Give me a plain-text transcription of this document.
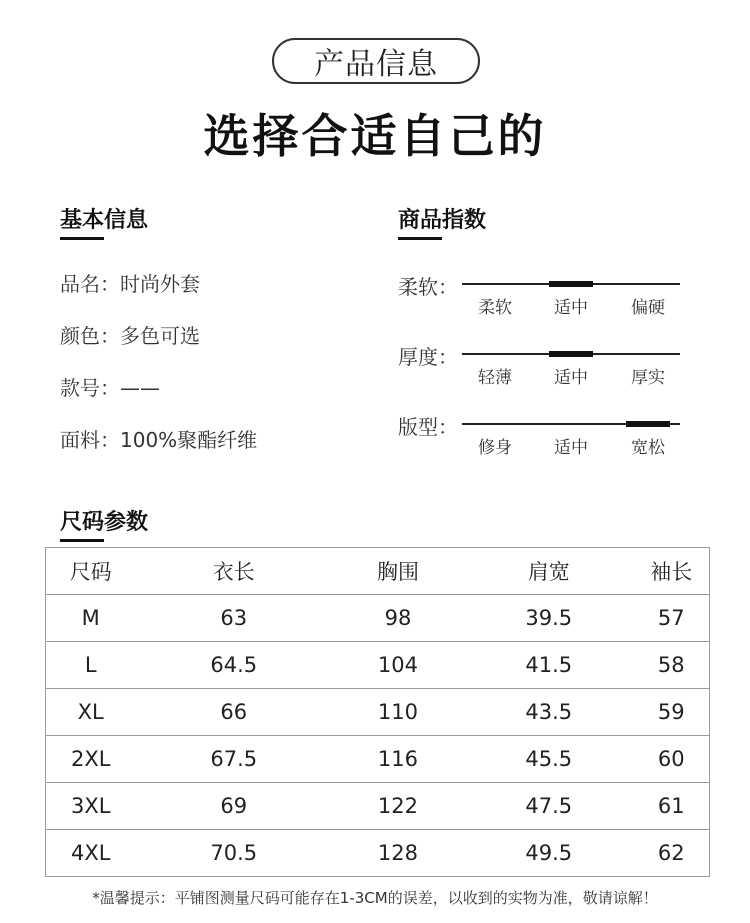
产品信息
选择合适自己的
基本信息
品名：时尚外套
颜色：多色可选
款号：——
面料：100%聚酯纤维
商品指数
柔软：
柔软	适中	偏硬
厚度：
轻薄	适中	厚实
版型：
修身	适中	宽松
尺码参数
尺码	衣长	胸围	肩宽	袖长
M	63	98	39.5	57
L	64.5	104	41.5	58
XL	66	110	43.5	59
2XL	67.5	116	45.5	60
3XL	69	122	47.5	61
4XL	70.5	128	49.5	62
*温馨提示：平铺图测量尺码可能存在1-3CM的误差，以收到的实物为准，敬请谅解！
